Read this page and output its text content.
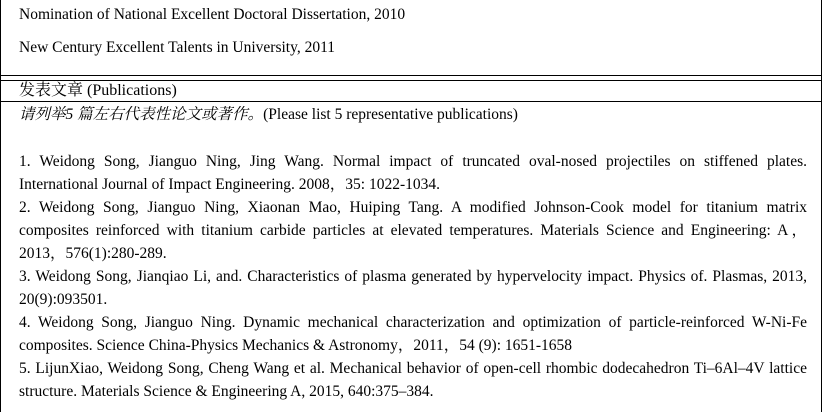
Nomination of National Excellent Doctoral Dissertation, 2010
New Century Excellent Talents in University, 2011
发表文章 (Publications)
请列举5 篇左右代表性论文或著作。(Please list 5 representative publications)

1. Weidong Song, Jianguo Ning, Jing Wang. Normal impact of truncated oval-nosed projectiles on stiffened plates. International Journal of Impact Engineering. 2008，35: 1022-1034.

2. Weidong Song, Jianguo Ning, Xiaonan Mao, Huiping Tang. A modified Johnson-Cook model for titanium matrix composites reinforced with titanium carbide particles at elevated temperatures. Materials Science and Engineering: A，2013，576(1):280-289.

3. Weidong Song, Jianqiao Li, and. Characteristics of plasma generated by hypervelocity impact. Physics of. Plasmas, 2013, 20(9):093501.

4. Weidong Song, Jianguo Ning. Dynamic mechanical characterization and optimization of particle-reinforced W-Ni-Fe composites. Science China-Physics Mechanics & Astronomy，2011，54 (9): 1651-1658

5. LijunXiao, Weidong Song, Cheng Wang et al. Mechanical behavior of open-cell rhombic dodecahedron Ti–6Al–4V lattice structure. Materials Science & Engineering A, 2015, 640:375–384.
